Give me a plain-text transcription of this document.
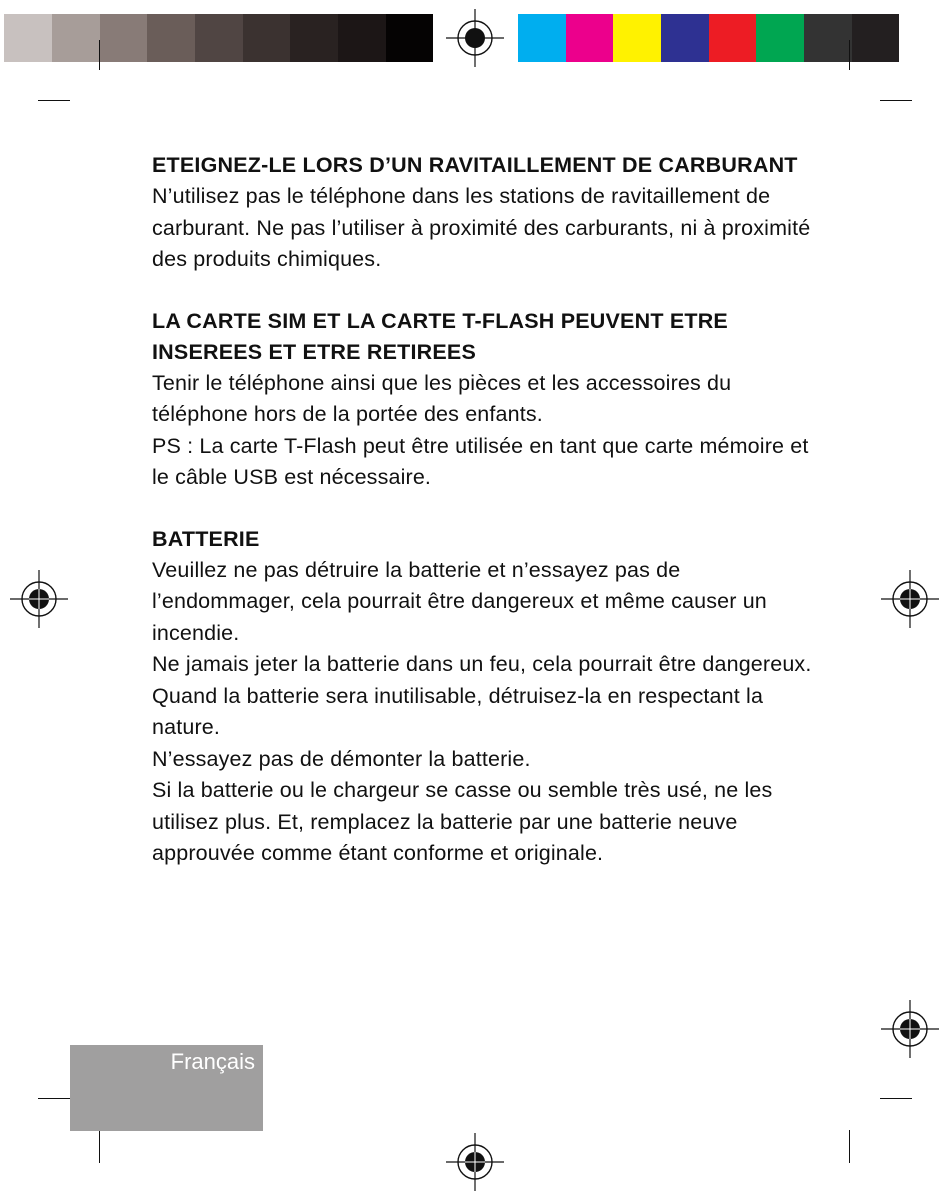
ETEIGNEZ-LE LORS D’UN RAVITAILLEMENT DE CARBURANT

N’utilisez pas le téléphone dans les stations de ravitaillement de carburant. Ne pas l’utiliser à proximité des carburants, ni à proximité des produits chimiques.

LA CARTE SIM ET LA CARTE T-FLASH PEUVENT ETRE INSEREES ET ETRE RETIREES

Tenir le téléphone ainsi que les pièces et les accessoires du téléphone hors de la portée des enfants.

PS : La carte T-Flash peut être utilisée en tant que carte mémoire et le câble USB est nécessaire.

BATTERIE

Veuillez ne pas détruire la batterie et n’essayez pas de l’endommager, cela pourrait être dangereux et même causer un incendie.

Ne jamais jeter la batterie dans un feu, cela pourrait être dangereux.

Quand la batterie sera inutilisable, détruisez-la en respectant la nature.

N’essayez pas de démonter la batterie.

Si la batterie ou le chargeur se casse ou semble très usé, ne les utilisez plus. Et, remplacez la batterie par une batterie neuve approuvée comme étant conforme et originale.

Français
